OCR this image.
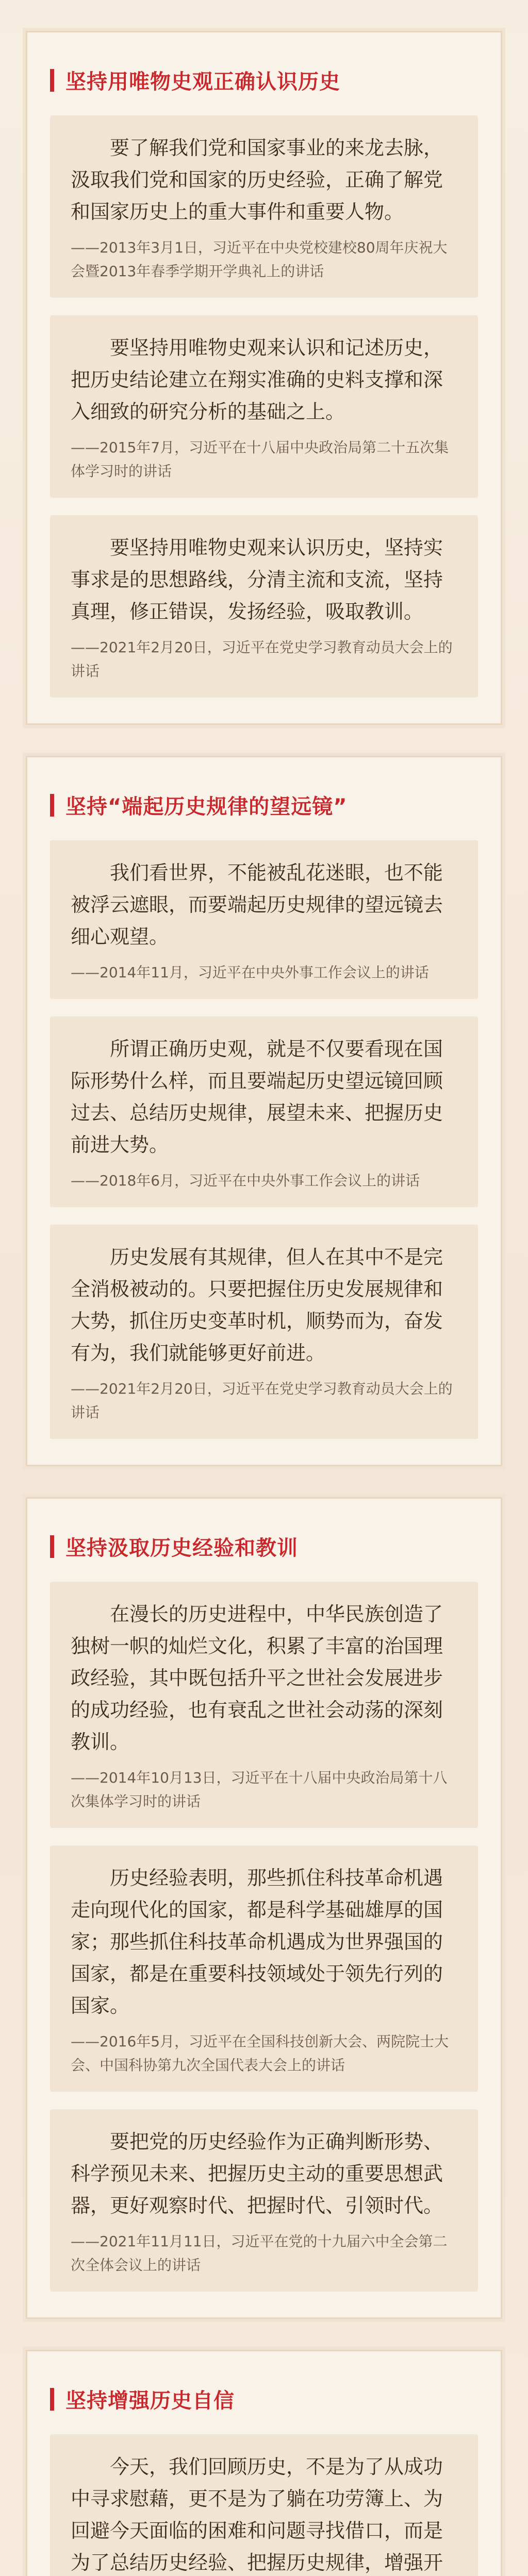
坚持用唯物史观正确认识历史

要了解我们党和国家事业的来龙去脉，汲取我们党和国家的历史经验，正确了解党和国家历史上的重大事件和重要人物。

——2013年3月1日，习近平在中央党校建校80周年庆祝大会暨2013年春季学期开学典礼上的讲话

要坚持用唯物史观来认识和记述历史，把历史结论建立在翔实准确的史料支撑和深入细致的研究分析的基础之上。

——2015年7月，习近平在十八届中央政治局第二十五次集体学习时的讲话

要坚持用唯物史观来认识历史，坚持实事求是的思想路线，分清主流和支流，坚持真理，修正错误，发扬经验，吸取教训。

——2021年2月20日，习近平在党史学习教育动员大会上的讲话

坚持“端起历史规律的望远镜”

我们看世界，不能被乱花迷眼，也不能被浮云遮眼，而要端起历史规律的望远镜去细心观望。

——2014年11月，习近平在中央外事工作会议上的讲话

所谓正确历史观，就是不仅要看现在国际形势什么样，而且要端起历史望远镜回顾过去、总结历史规律，展望未来、把握历史前进大势。

——2018年6月，习近平在中央外事工作会议上的讲话

历史发展有其规律，但人在其中不是完全消极被动的。只要把握住历史发展规律和大势，抓住历史变革时机，顺势而为，奋发有为，我们就能够更好前进。

——2021年2月20日，习近平在党史学习教育动员大会上的讲话

坚持汲取历史经验和教训

在漫长的历史进程中，中华民族创造了独树一帜的灿烂文化，积累了丰富的治国理政经验，其中既包括升平之世社会发展进步的成功经验，也有衰乱之世社会动荡的深刻教训。

——2014年10月13日，习近平在十八届中央政治局第十八次集体学习时的讲话

历史经验表明，那些抓住科技革命机遇走向现代化的国家，都是科学基础雄厚的国家；那些抓住科技革命机遇成为世界强国的国家，都是在重要科技领域处于领先行列的国家。

——2016年5月，习近平在全国科技创新大会、两院院士大会、中国科协第九次全国代表大会上的讲话

要把党的历史经验作为正确判断形势、科学预见未来、把握历史主动的重要思想武器，更好观察时代、把握时代、引领时代。

——2021年11月11日，习近平在党的十九届六中全会第二次全体会议上的讲话

坚持增强历史自信

今天，我们回顾历史，不是为了从成功中寻求慰藉，更不是为了躺在功劳簿上、为回避今天面临的困难和问题寻找借口，而是为了总结历史经验、把握历史规律，增强开
